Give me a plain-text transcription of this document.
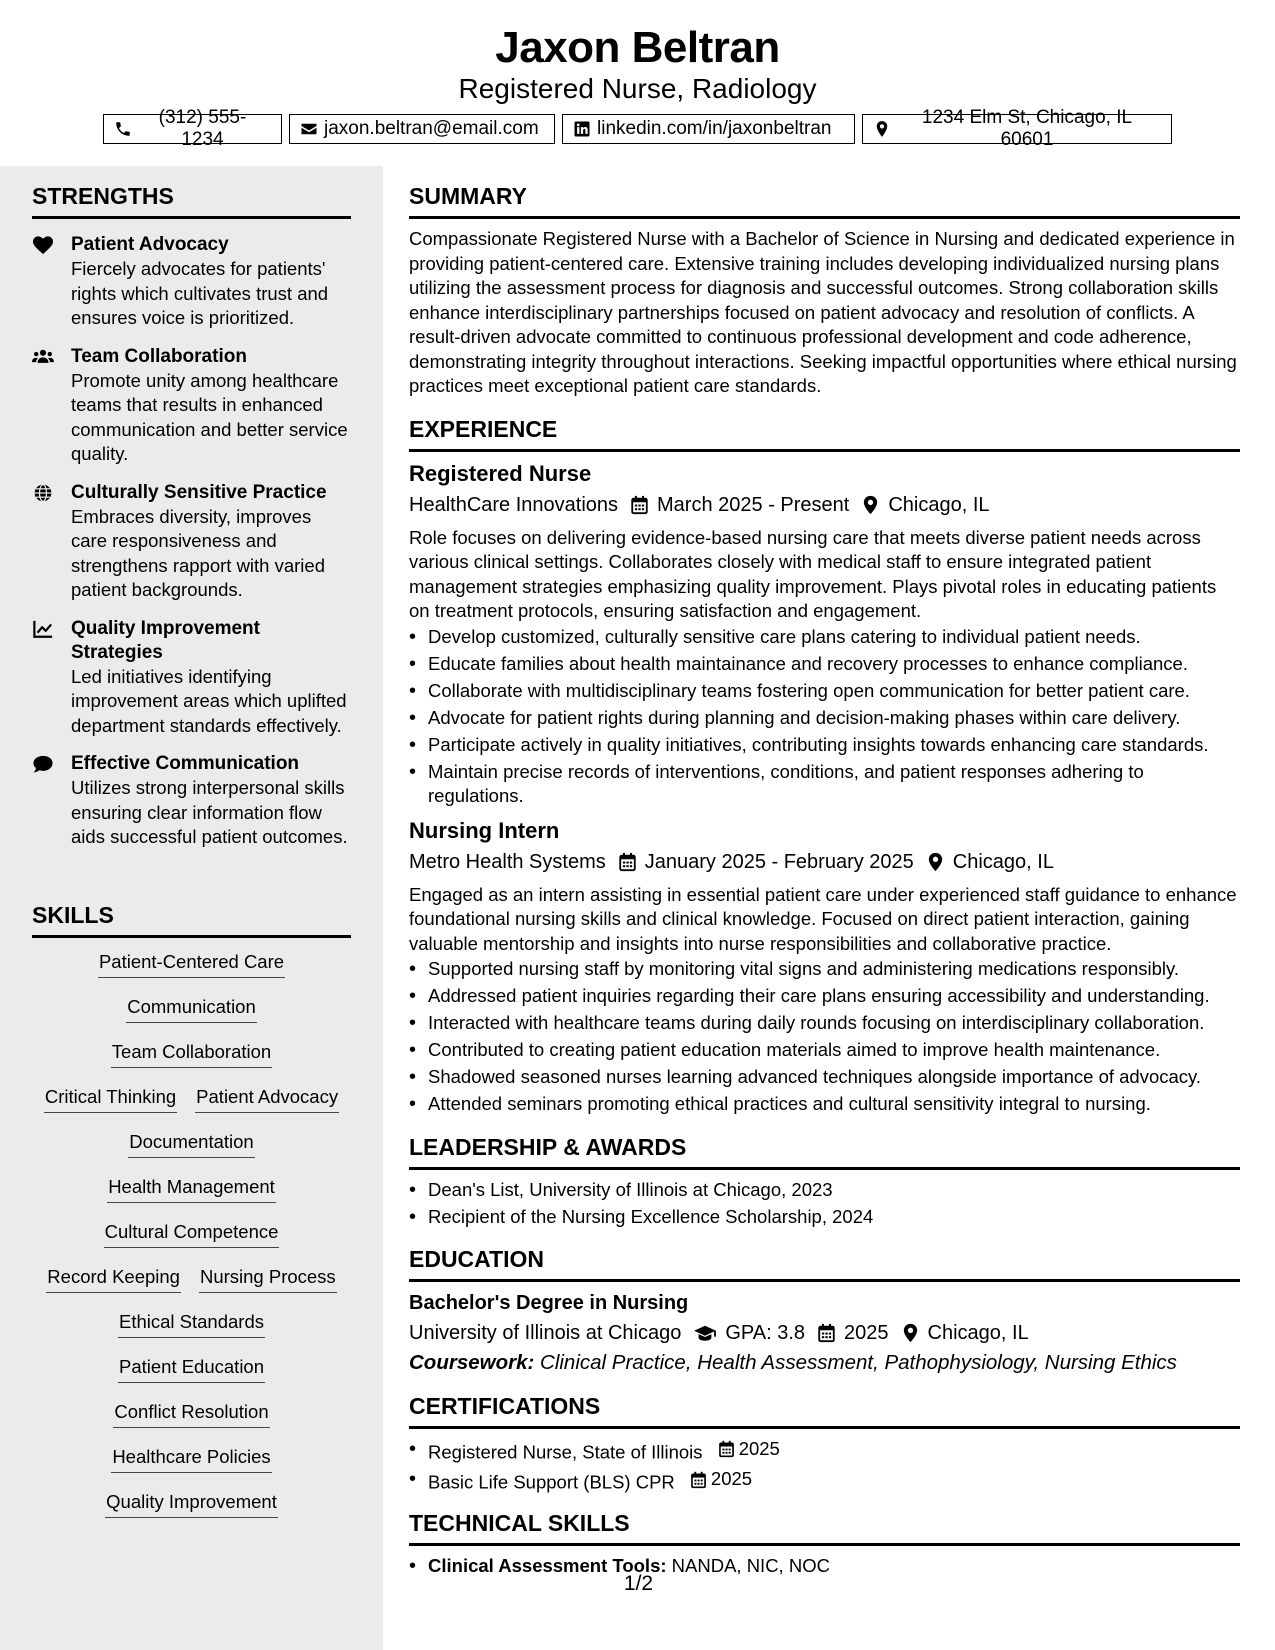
Jaxon Beltran
Registered Nurse, Radiology
(312) 555-1234
jaxon.beltran@email.com	linkedin.com/in/jaxonbeltran
1234 Elm St, Chicago, IL 60601
STRENGTHS
Patient Advocacy
Fiercely advocates for patients' rights which cultivates trust and ensures voice is prioritized.
Team Collaboration
Promote unity among healthcare teams that results in enhanced communication and better service quality.
Culturally Sensitive Practice
Embraces diversity, improves care responsiveness and strengthens rapport with varied patient backgrounds.
Quality Improvement Strategies
Led initiatives identifying improvement areas which uplifted department standards effectively.
Effective Communication
Utilizes strong interpersonal skills ensuring clear information flow aids successful patient outcomes.
SKILLS
Patient-Centered Care
Communication
Team Collaboration
Critical Thinking Patient Advocacy
Documentation
Health Management
Cultural Competence
Record Keeping Nursing Process
Ethical Standards
Patient Education
Conflict Resolution
Healthcare Policies
Quality Improvement
SUMMARY
Compassionate Registered Nurse with a Bachelor of Science in Nursing and dedicated experience in providing patient-centered care. Extensive training includes developing individualized nursing plans utilizing the assessment process for diagnosis and successful outcomes. Strong collaboration skills enhance interdisciplinary partnerships focused on patient advocacy and resolution of conflicts. A result-driven advocate committed to continuous professional development and code adherence, demonstrating integrity throughout interactions. Seeking impactful opportunities where ethical nursing practices meet exceptional patient care standards.
EXPERIENCE
Registered Nurse
HealthCare Innovations March 2025 - Present Chicago, IL
Role focuses on delivering evidence-based nursing care that meets diverse patient needs across various clinical settings. Collaborates closely with medical staff to ensure integrated patient management strategies emphasizing quality improvement. Plays pivotal roles in educating patients on treatment protocols, ensuring satisfaction and engagement.
• Develop customized, culturally sensitive care plans catering to individual patient needs.
• Educate families about health maintainance and recovery processes to enhance compliance.
• Collaborate with multidisciplinary teams fostering open communication for better patient care.
• Advocate for patient rights during planning and decision-making phases within care delivery.
• Participate actively in quality initiatives, contributing insights towards enhancing care standards.
• Maintain precise records of interventions, conditions, and patient responses adhering to regulations.
Nursing Intern
Metro Health Systems January 2025 - February 2025 Chicago, IL
Engaged as an intern assisting in essential patient care under experienced staff guidance to enhance foundational nursing skills and clinical knowledge. Focused on direct patient interaction, gaining valuable mentorship and insights into nurse responsibilities and collaborative practice.
• Supported nursing staff by monitoring vital signs and administering medications responsibly.
• Addressed patient inquiries regarding their care plans ensuring accessibility and understanding.
• Interacted with healthcare teams during daily rounds focusing on interdisciplinary collaboration.
• Contributed to creating patient education materials aimed to improve health maintenance.
• Shadowed seasoned nurses learning advanced techniques alongside importance of advocacy.
• Attended seminars promoting ethical practices and cultural sensitivity integral to nursing.
LEADERSHIP & AWARDS
• Dean's List, University of Illinois at Chicago, 2023
• Recipient of the Nursing Excellence Scholarship, 2024
EDUCATION
Bachelor's Degree in Nursing
University of Illinois at Chicago GPA: 3.8 2025 Chicago, IL
Coursework: Clinical Practice, Health Assessment, Pathophysiology, Nursing Ethics
CERTIFICATIONS
• Registered Nurse, State of Illinois 2025
• Basic Life Support (BLS) CPR 2025
TECHNICAL SKILLS
• Clinical Assessment Tools: NANDA, NIC, NOC
1/2
